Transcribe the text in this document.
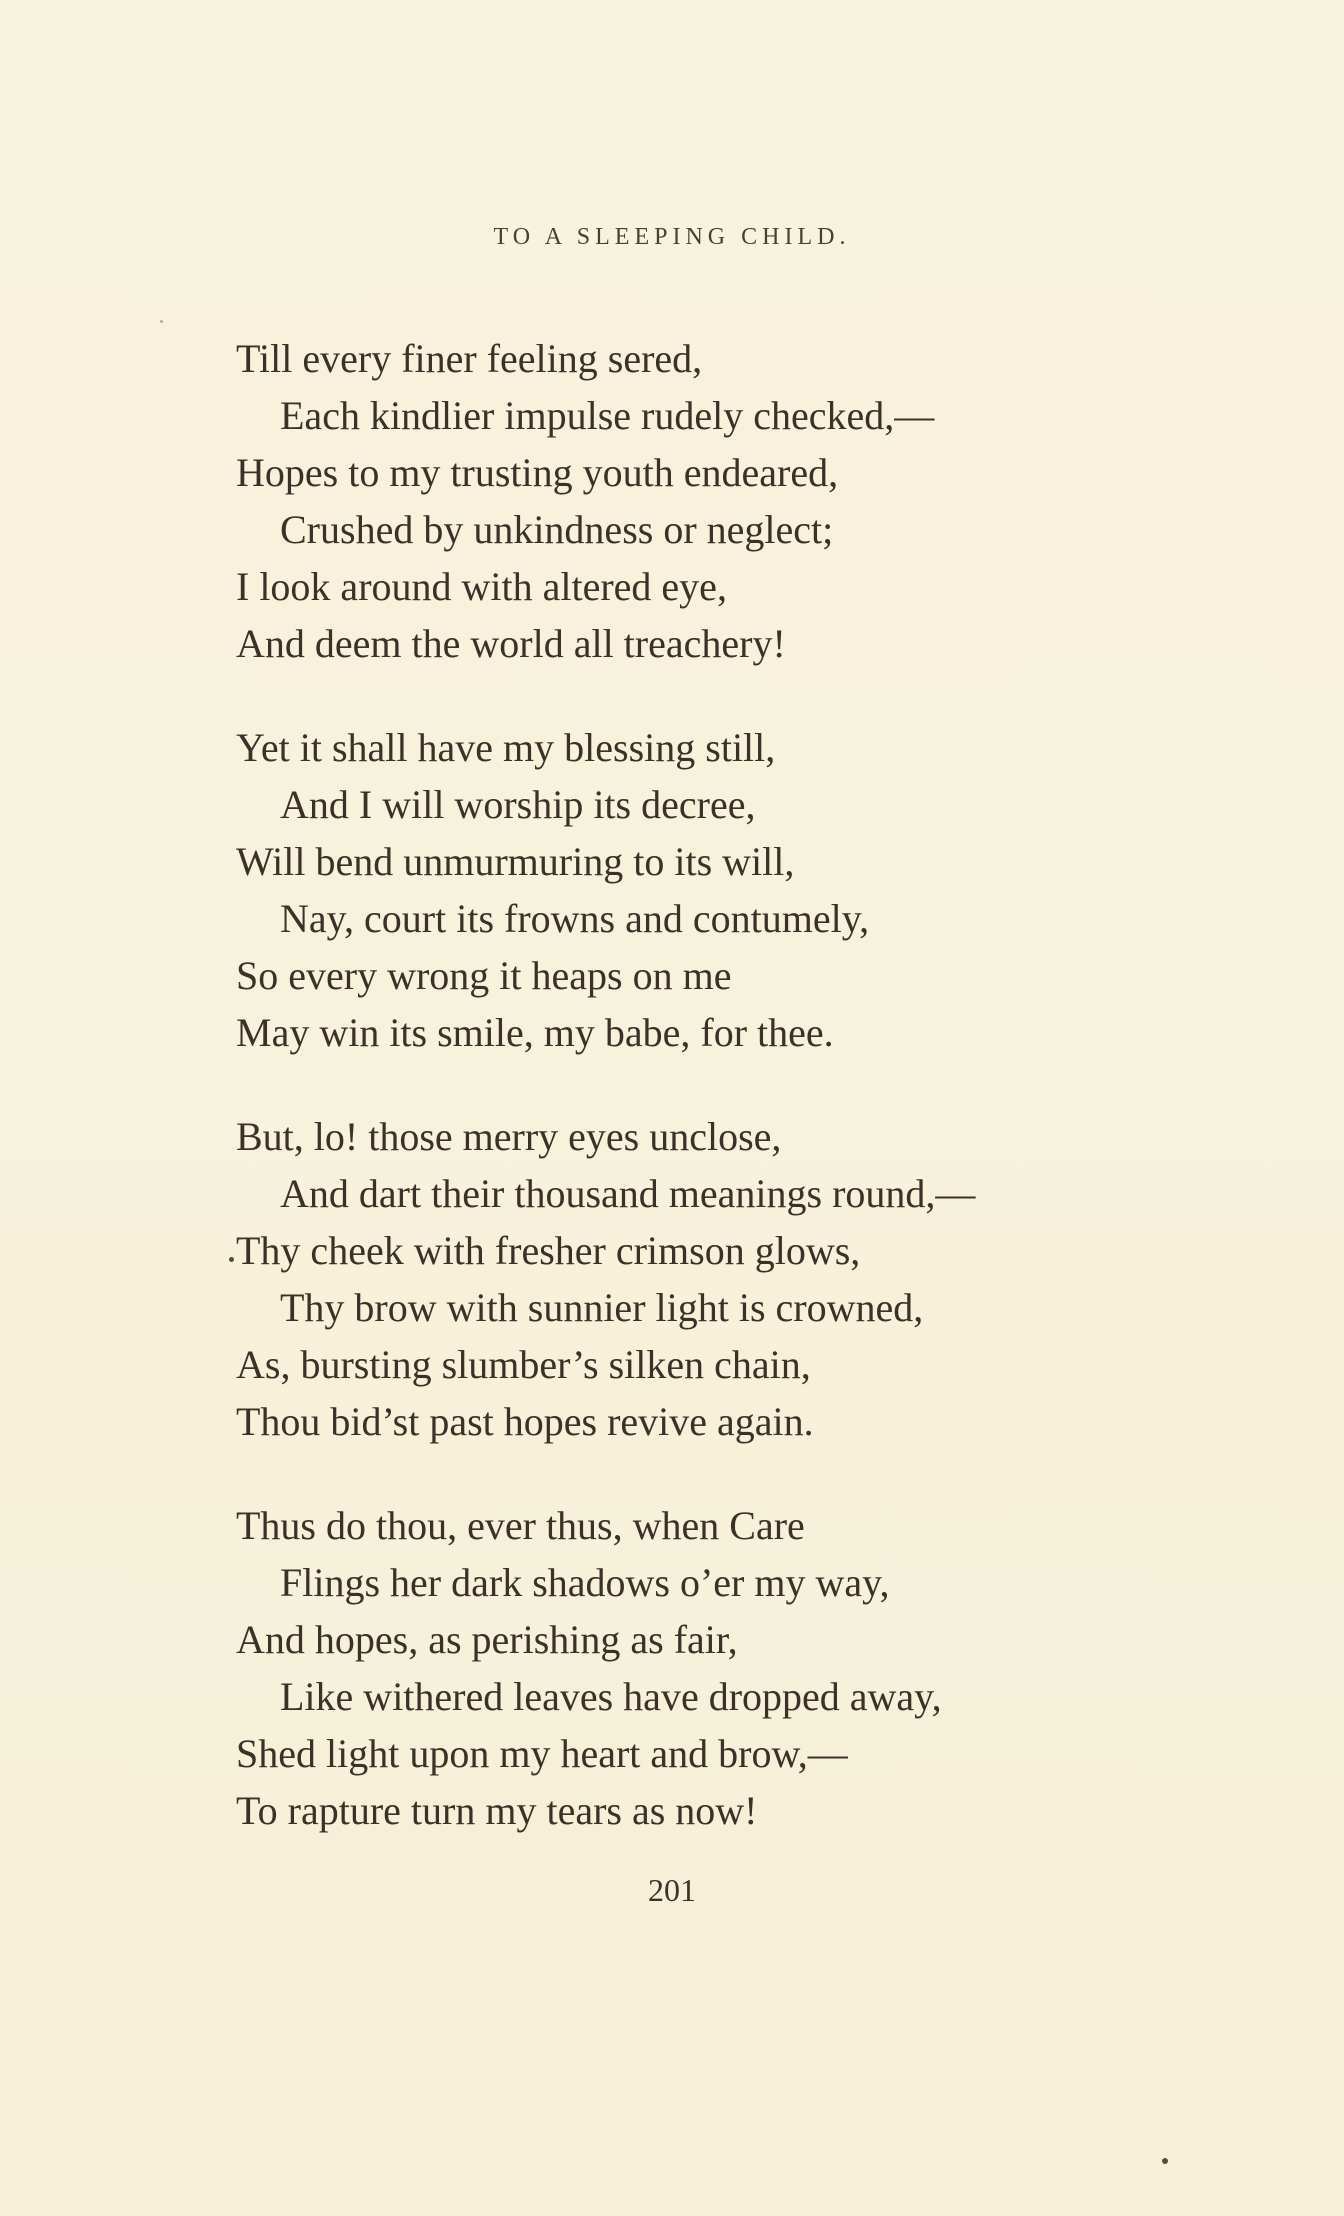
TO A SLEEPING CHILD.
Till every finer feeling sered,
Each kindlier impulse rudely checked,—
Hopes to my trusting youth endeared,
Crushed by unkindness or neglect;
I look around with altered eye,
And deem the world all treachery!
Yet it shall have my blessing still,
And I will worship its decree,
Will bend unmurmuring to its will,
Nay, court its frowns and contumely,
So every wrong it heaps on me
May win its smile, my babe, for thee.
But, lo! those merry eyes unclose,
And dart their thousand meanings round,—
Thy cheek with fresher crimson glows,
Thy brow with sunnier light is crowned,
As, bursting slumber’s silken chain,
Thou bid’st past hopes revive again.
Thus do thou, ever thus, when Care
Flings her dark shadows o’er my way,
And hopes, as perishing as fair,
Like withered leaves have dropped away,
Shed light upon my heart and brow,—
To rapture turn my tears as now!
201
